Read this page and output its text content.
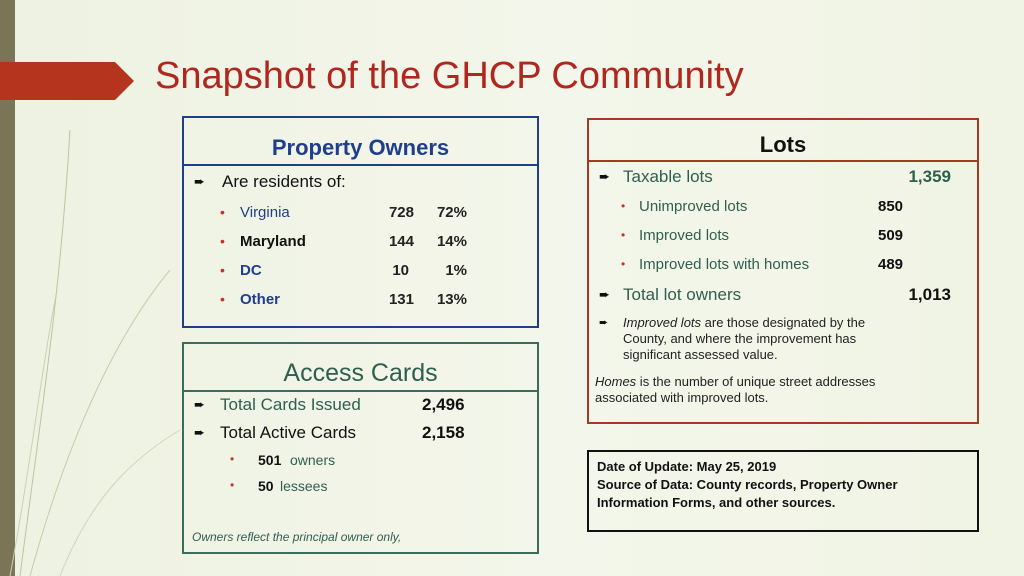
Snapshot of the GHCP Community
Property Owners
➨ Are residents of:
• Virginia	728	72%
• Maryland	144	14%
• DC	10	1%
• Other	131	13%
Access Cards
➨ Total Cards Issued	2,496
➨ Total Active Cards	2,158
• 501 owners
• 50 lessees
Owners reflect the principal owner only,
Lots
➨ Taxable lots	1,359
• Unimproved lots	850
• Improved lots	509
• Improved lots with homes	489
➨ Total lot owners	1,013
➨ Improved lots are those designated by the
County, and where the improvement has
significant assessed value.
Homes is the number of unique street addresses
associated with improved lots.
Date of Update: May 25, 2019
Source of Data: County records, Property Owner
Information Forms, and other sources.
